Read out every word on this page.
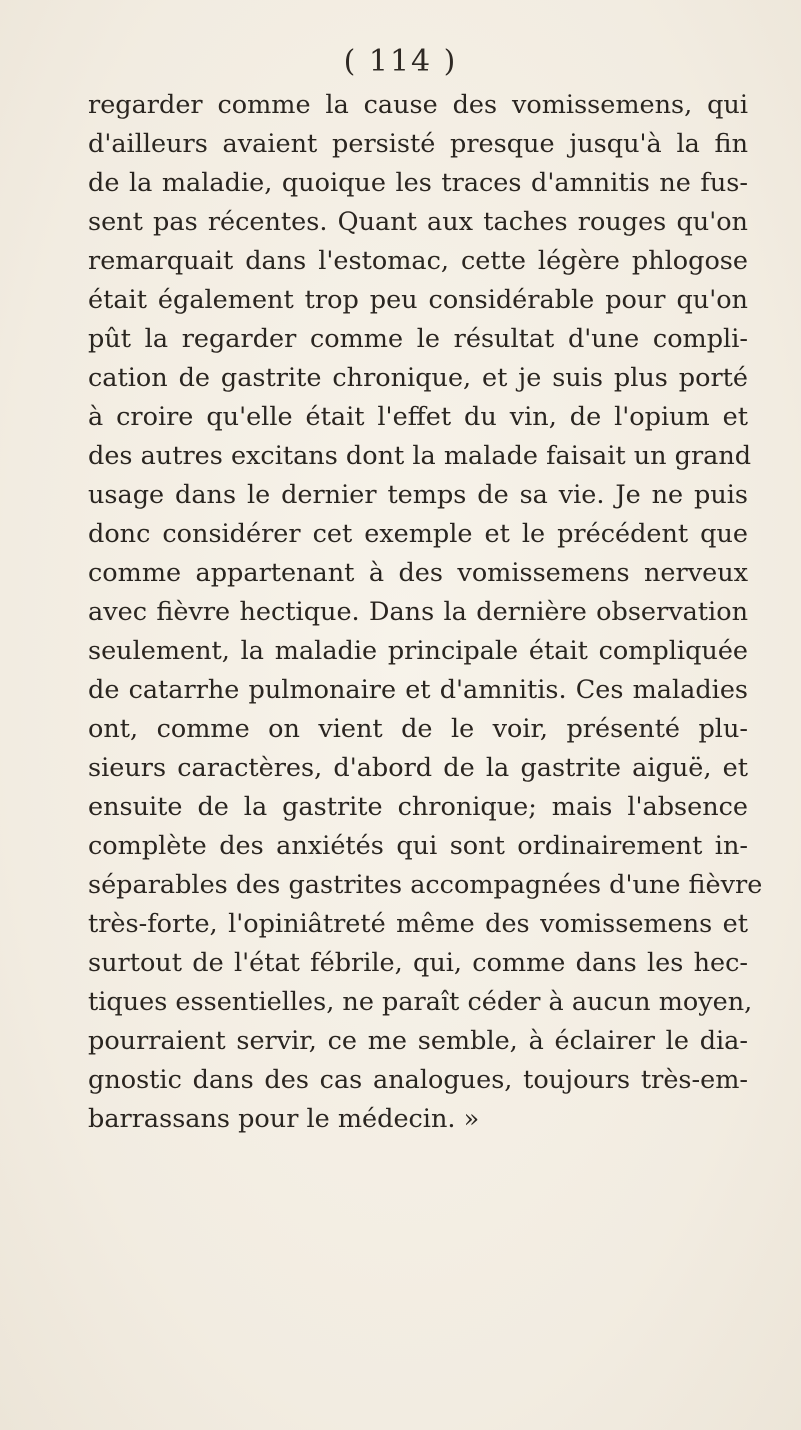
( 114 )
regarder comme la cause des vomissemens, qui
d'ailleurs avaient persisté presque jusqu'à la fin
de la maladie, quoique les traces d'amnitis ne fus-
sent pas récentes. Quant aux taches rouges qu'on
remarquait dans l'estomac, cette légère phlogose
était également trop peu considérable pour qu'on
pût la regarder comme le résultat d'une compli-
cation de gastrite chronique, et je suis plus porté
à croire qu'elle était l'effet du vin, de l'opium et
des autres excitans dont la malade faisait un grand
usage dans le dernier temps de sa vie. Je ne puis
donc considérer cet exemple et le précédent que
comme appartenant à des vomissemens nerveux
avec fièvre hectique. Dans la dernière observation
seulement, la maladie principale était compliquée
de catarrhe pulmonaire et d'amnitis. Ces maladies
ont, comme on vient de le voir, présenté plu-
sieurs caractères, d'abord de la gastrite aiguë, et
ensuite de la gastrite chronique; mais l'absence
complète des anxiétés qui sont ordinairement in-
séparables des gastrites accompagnées d'une fièvre
très-forte, l'opiniâtreté même des vomissemens et
surtout de l'état fébrile, qui, comme dans les hec-
tiques essentielles, ne paraît céder à aucun moyen,
pourraient servir, ce me semble, à éclairer le dia-
gnostic dans des cas analogues, toujours très-em-
barrassans pour le médecin. »
